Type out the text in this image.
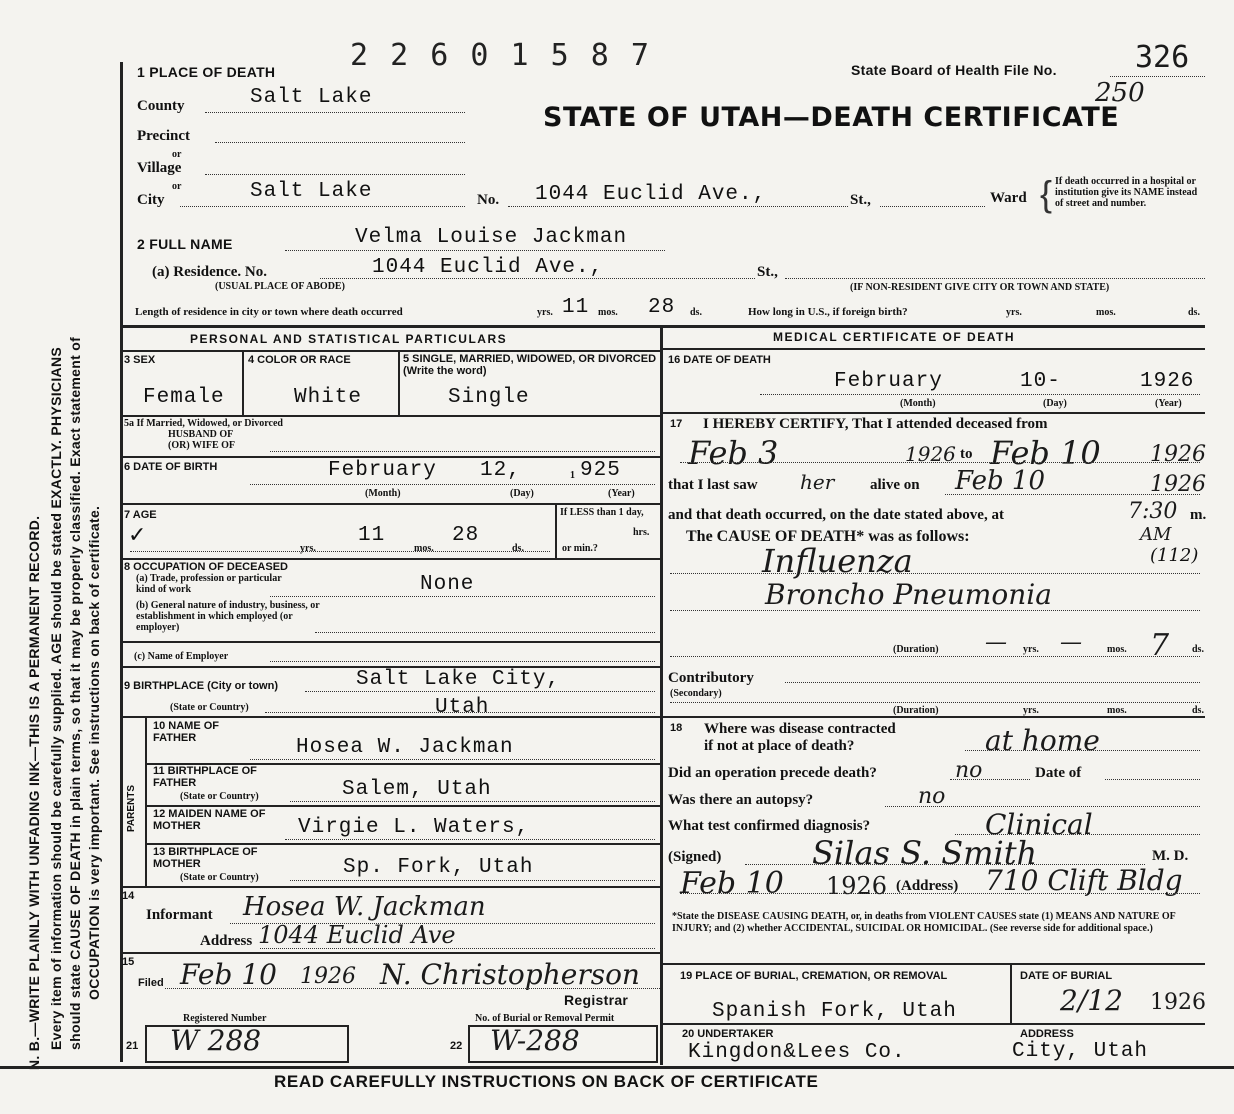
N. B.—WRITE PLAINLY WITH UNFADING INK—THIS IS A PERMANENT RECORD. Every item of information should be carefully supplied. AGE should be stated EXACTLY. PHYSICIANS should state CAUSE OF DEATH in plain terms, so that it may be properly classified. Exact statement of OCCUPATION is very important. See instructions on back of certificate.
1 PLACE OF DEATH 2 2 6 0 1 5 8 7	State Board of Health File No.	326
250
STATE OF UTAH—DEATH CERTIFICATE
County	Salt Lake
Precinct
or
Village
or
City	Salt Lake	No. 1044 Euclid Ave.,	St.,	Ward { If death occurred in a hospital or institution give its NAME instead of street and number.
2 FULL NAME	Velma Louise Jackman
(a) Residence. No.	1044 Euclid Ave.,	St.,
(USUAL PLACE OF ABODE)	(IF NON-RESIDENT GIVE CITY OR TOWN AND STATE)
Length of residence in city or town where death occurred	yrs. 11 mos. 28 ds.	How long in U.S., if foreign birth?	yrs.	mos.	ds.
PERSONAL AND STATISTICAL PARTICULARS
3 SEX
Female
4 COLOR OR RACE
White
5 SINGLE, MARRIED, WIDOWED, OR DIVORCED (Write the word)
Single
5a If Married, Widowed, or Divorced
HUSBAND OF
(OR) WIFE OF
6 DATE OF BIRTH	February 12,	1 925
(Month)	(Day)	(Year)
7 AGE
✓	11	28
yrs.	mos.	ds.
If LESS than 1 day,
hrs.
or min.?
8 OCCUPATION OF DECEASED
(a) Trade, profession or particular kind of work
(b) General nature of industry, business, or establishment in which employed (or employer)
None
(c) Name of Employer
9 BIRTHPLACE (City or town)	Salt Lake City,
(State or Country)	Utah
PARENTS
10 NAME OF FATHER	Hosea W. Jackman
11 BIRTHPLACE OF FATHER
(State or Country)	Salem, Utah
12 MAIDEN NAME OF MOTHER	Virgie L. Waters,
13 BIRTHPLACE OF MOTHER
(State or Country)	Sp. Fork, Utah
14
Informant Hosea W. Jackman
Address 1044 Euclid Ave
15
Filed Feb 10 1926 N. Christopherson
Registrar
Registered Number	No. of Burial or Removal Permit
21 W 288	22 W-288
MEDICAL CERTIFICATE OF DEATH
16 DATE OF DEATH
February	10-	1926
(Month)	(Day)	(Year)
17 I HEREBY CERTIFY, That I attended deceased from
Feb 3	1926 to Feb 10 1926
that I last saw her alive on Feb 10	1926
and that death occurred, on the date stated above, at	7:30 m.
The CAUSE OF DEATH* was as follows:	AM
Influenza	(112)
Broncho Pneumonia
(Duration) — yrs. —	mos. 7 ds.
Contributory
(Secondary)
(Duration)	yrs.	mos.	ds.
18 Where was disease contracted
if not at place of death?	at home
Did an operation precede death?	no	Date of
Was there an autopsy?	no
What test confirmed diagnosis?	Clinical
(Signed)	Silas S. Smith	M. D.
Feb 10 1926 (Address) 710 Clift Bldg
*State the DISEASE CAUSING DEATH, or, in deaths from VIOLENT CAUSES state (1) MEANS AND NATURE OF INJURY; and (2) whether ACCIDENTAL, SUICIDAL OR HOMICIDAL. (See reverse side for additional space.)
19 PLACE OF BURIAL, CREMATION, OR REMOVAL	DATE OF BURIAL
Spanish Fork, Utah	2/12 1926
20 UNDERTAKER
Kingdon&Lees Co.
ADDRESS
City, Utah
READ CAREFULLY INSTRUCTIONS ON BACK OF CERTIFICATE
